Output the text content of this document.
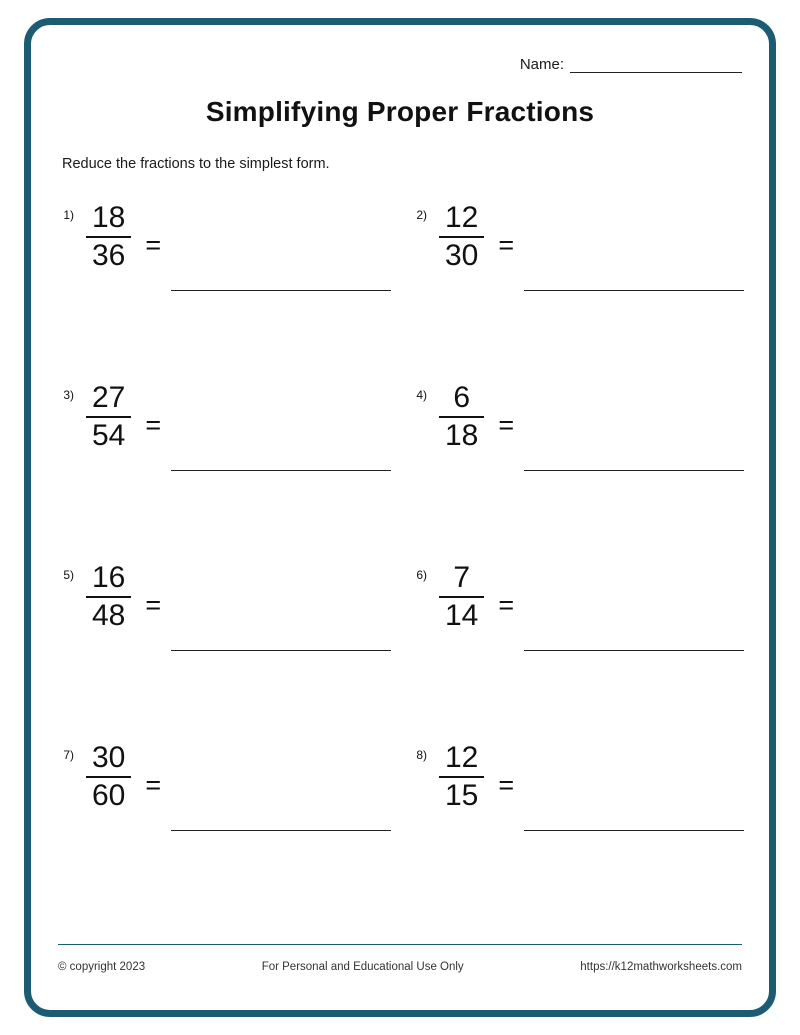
Name:
Simplifying Proper Fractions
Reduce the fractions to the simplest form.
$1) \frac{18}{36}$ =
$2) \frac{12}{30}$ =
$3) \frac{27}{54}$ =
$4) \frac{6}{18}$ =
$5) \frac{16}{48}$ =
$6) \frac{7}{14}$ =
$7) \frac{30}{60}$ =
$8) \frac{12}{15}$ =
© copyright 2023	For Personal and Educational Use Only	https://k12mathworksheets.com
